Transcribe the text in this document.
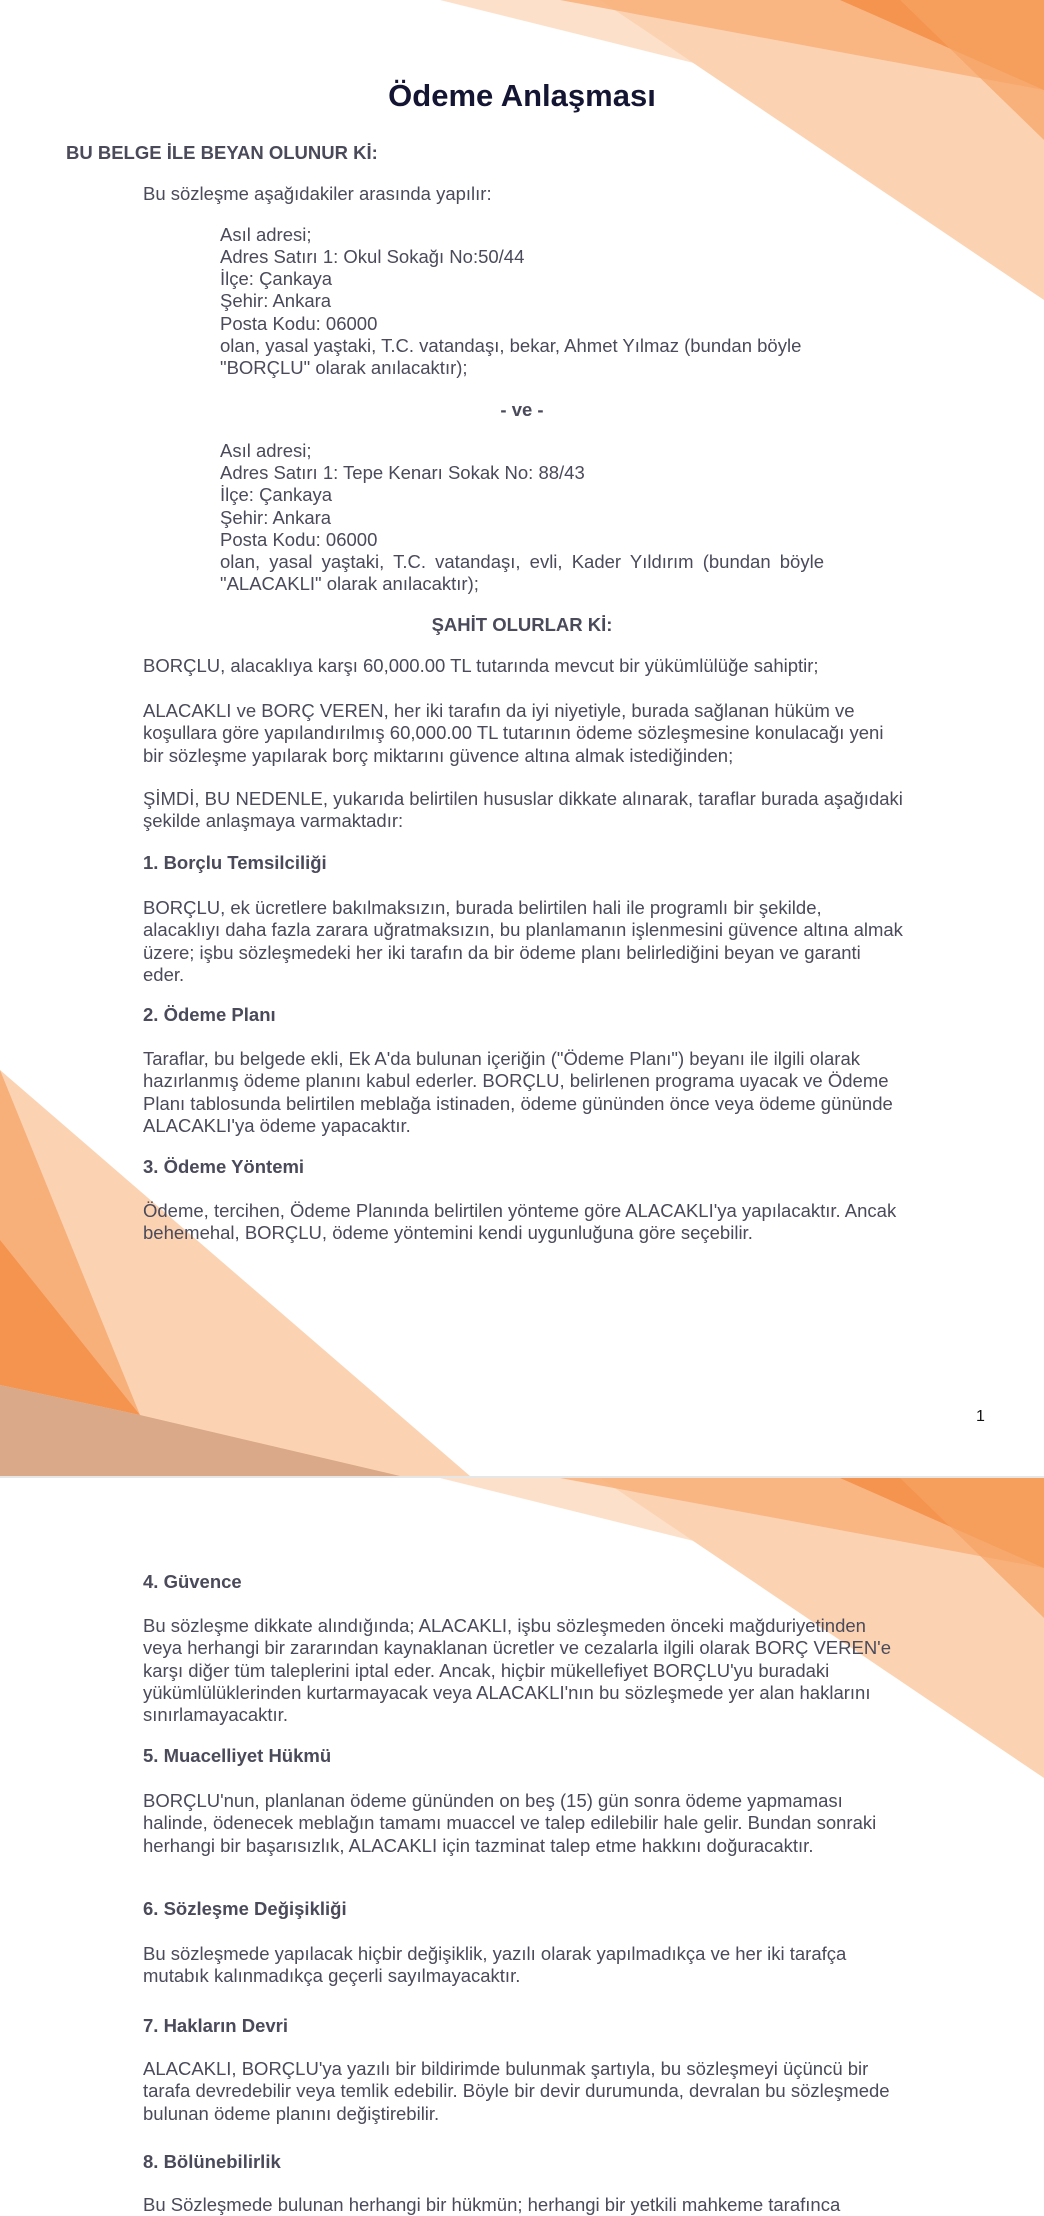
Ödeme Anlaşması

BU BELGE İLE BEYAN OLUNUR Kİ:

Bu sözleşme aşağıdakiler arasında yapılır:

Asıl adresi;

Adres Satırı 1: Okul Sokağı No:50/44

İlçe: Çankaya

Şehir: Ankara

Posta Kodu: 06000

olan, yasal yaştaki, T.C. vatandaşı, bekar, Ahmet Yılmaz (bundan böyle "BORÇLU" olarak anılacaktır);

- ve -

Asıl adresi;

Adres Satırı 1: Tepe Kenarı Sokak No: 88/43

İlçe: Çankaya

Şehir: Ankara

Posta Kodu: 06000

olan, yasal yaştaki, T.C. vatandaşı, evli, Kader Yıldırım (bundan böyle "ALACAKLI" olarak anılacaktır);

ŞAHİT OLURLAR Kİ:

BORÇLU, alacaklıya karşı 60,000.00 TL tutarında mevcut bir yükümlülüğe sahiptir;

ALACAKLI ve BORÇ VEREN, her iki tarafın da iyi niyetiyle, burada sağlanan hüküm ve koşullara göre yapılandırılmış 60,000.00 TL tutarının ödeme sözleşmesine konulacağı yeni bir sözleşme yapılarak borç miktarını güvence altına almak istediğinden;

ŞİMDİ, BU NEDENLE, yukarıda belirtilen hususlar dikkate alınarak, taraflar burada aşağıdaki şekilde anlaşmaya varmaktadır:

1. Borçlu Temsilciliği

BORÇLU, ek ücretlere bakılmaksızın, burada belirtilen hali ile programlı bir şekilde, alacaklıyı daha fazla zarara uğratmaksızın, bu planlamanın işlenmesini güvence altına almak üzere; işbu sözleşmedeki her iki tarafın da bir ödeme planı belirlediğini beyan ve garanti eder.

2. Ödeme Planı

Taraflar, bu belgede ekli, Ek A'da bulunan içeriğin ("Ödeme Planı") beyanı ile ilgili olarak hazırlanmış ödeme planını kabul ederler. BORÇLU, belirlenen programa uyacak ve Ödeme Planı tablosunda belirtilen meblağa istinaden, ödeme gününden önce veya ödeme gününde ALACAKLI'ya ödeme yapacaktır.

3. Ödeme Yöntemi

Ödeme, tercihen, Ödeme Planında belirtilen yönteme göre ALACAKLI'ya yapılacaktır. Ancak behemehal, BORÇLU, ödeme yöntemini kendi uygunluğuna göre seçebilir.

1

4. Güvence

Bu sözleşme dikkate alındığında; ALACAKLI, işbu sözleşmeden önceki mağduriyetinden veya herhangi bir zararından kaynaklanan ücretler ve cezalarla ilgili olarak BORÇ VEREN'e karşı diğer tüm taleplerini iptal eder. Ancak, hiçbir mükellefiyet BORÇLU'yu buradaki yükümlülüklerinden kurtarmayacak veya ALACAKLI'nın bu sözleşmede yer alan haklarını sınırlamayacaktır.

5. Muacelliyet Hükmü

BORÇLU'nun, planlanan ödeme gününden on beş (15) gün sonra ödeme yapmaması halinde, ödenecek meblağın tamamı muaccel ve talep edilebilir hale gelir. Bundan sonraki herhangi bir başarısızlık, ALACAKLI için tazminat talep etme hakkını doğuracaktır.

6. Sözleşme Değişikliği

Bu sözleşmede yapılacak hiçbir değişiklik, yazılı olarak yapılmadıkça ve her iki tarafça mutabık kalınmadıkça geçerli sayılmayacaktır.

7. Hakların Devri

ALACAKLI, BORÇLU'ya yazılı bir bildirimde bulunmak şartıyla, bu sözleşmeyi üçüncü bir tarafa devredebilir veya temlik edebilir. Böyle bir devir durumunda, devralan bu sözleşmede bulunan ödeme planını değiştirebilir.

8. Bölünebilirlik

Bu Sözleşmede bulunan herhangi bir hükmün; herhangi bir yetkili mahkeme tarafınca
